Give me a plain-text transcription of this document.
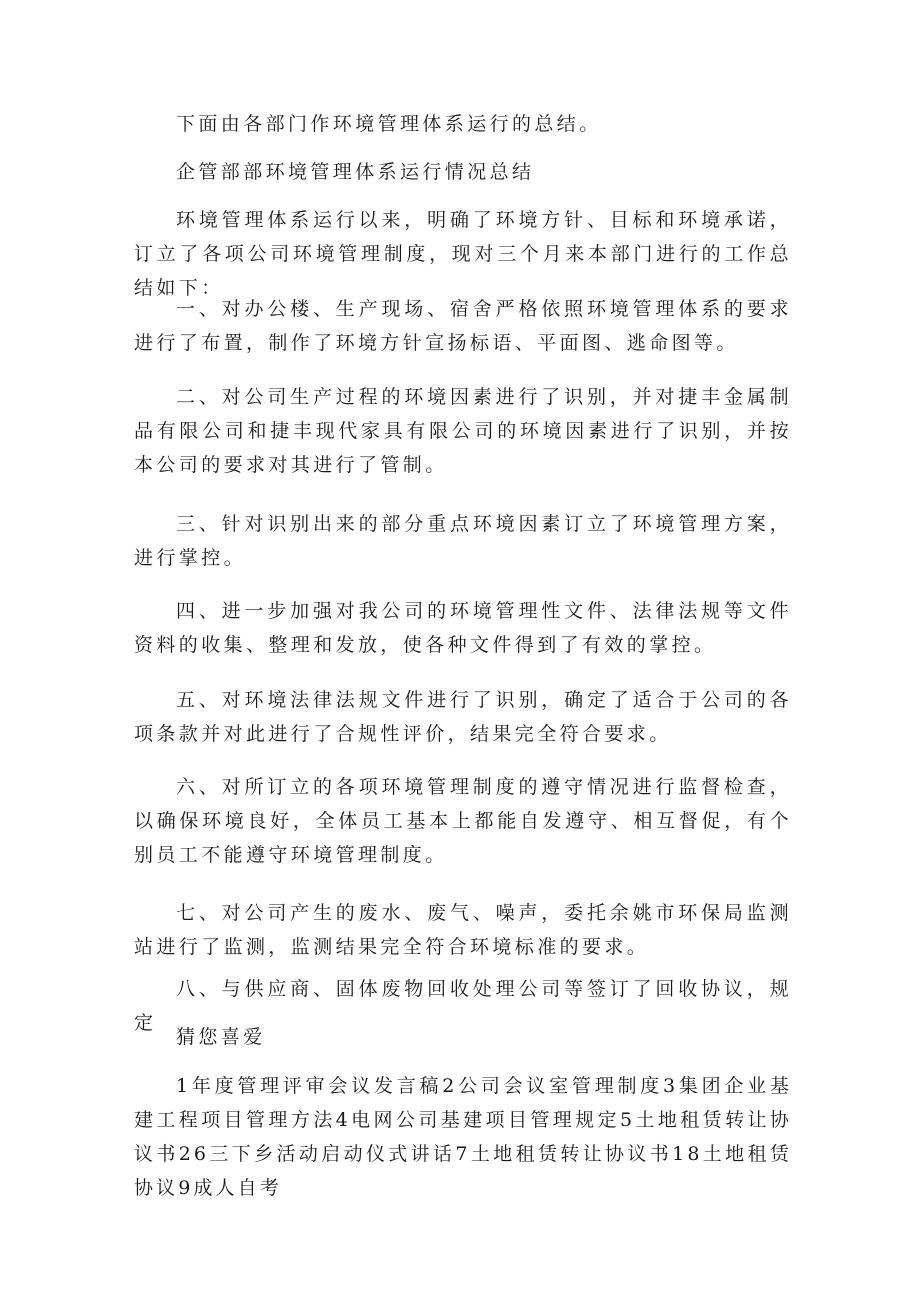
下面由各部门作环境管理体系运行的总结。

企管部部环境管理体系运行情况总结

环境管理体系运行以来，明确了环境方针、目标和环境承诺，订立了各项公司环境管理制度，现对三个月来本部门进行的工作总结如下：

一、对办公楼、生产现场、宿舍严格依照环境管理体系的要求进行了布置，制作了环境方针宣扬标语、平面图、逃命图等。

二、对公司生产过程的环境因素进行了识别，并对捷丰金属制品有限公司和捷丰现代家具有限公司的环境因素进行了识别，并按本公司的要求对其进行了管制。

三、针对识别出来的部分重点环境因素订立了环境管理方案，进行掌控。

四、进一步加强对我公司的环境管理性文件、法律法规等文件资料的收集、整理和发放，使各种文件得到了有效的掌控。

五、对环境法律法规文件进行了识别，确定了适合于公司的各项条款并对此进行了合规性评价，结果完全符合要求。

六、对所订立的各项环境管理制度的遵守情况进行监督检查，以确保环境良好，全体员工基本上都能自发遵守、相互督促，有个别员工不能遵守环境管理制度。

七、对公司产生的废水、废气、噪声，委托余姚市环保局监测站进行了监测，监测结果完全符合环境标准的要求。

八、与供应商、固体废物回收处理公司等签订了回收协议，规定

猜您喜爱

1年度管理评审会议发言稿2公司会议室管理制度3集团企业基建工程项目管理方法4电网公司基建项目管理规定5土地租赁转让协议书26三下乡活动启动仪式讲话7土地租赁转让协议书18土地租赁协议9成人自考
